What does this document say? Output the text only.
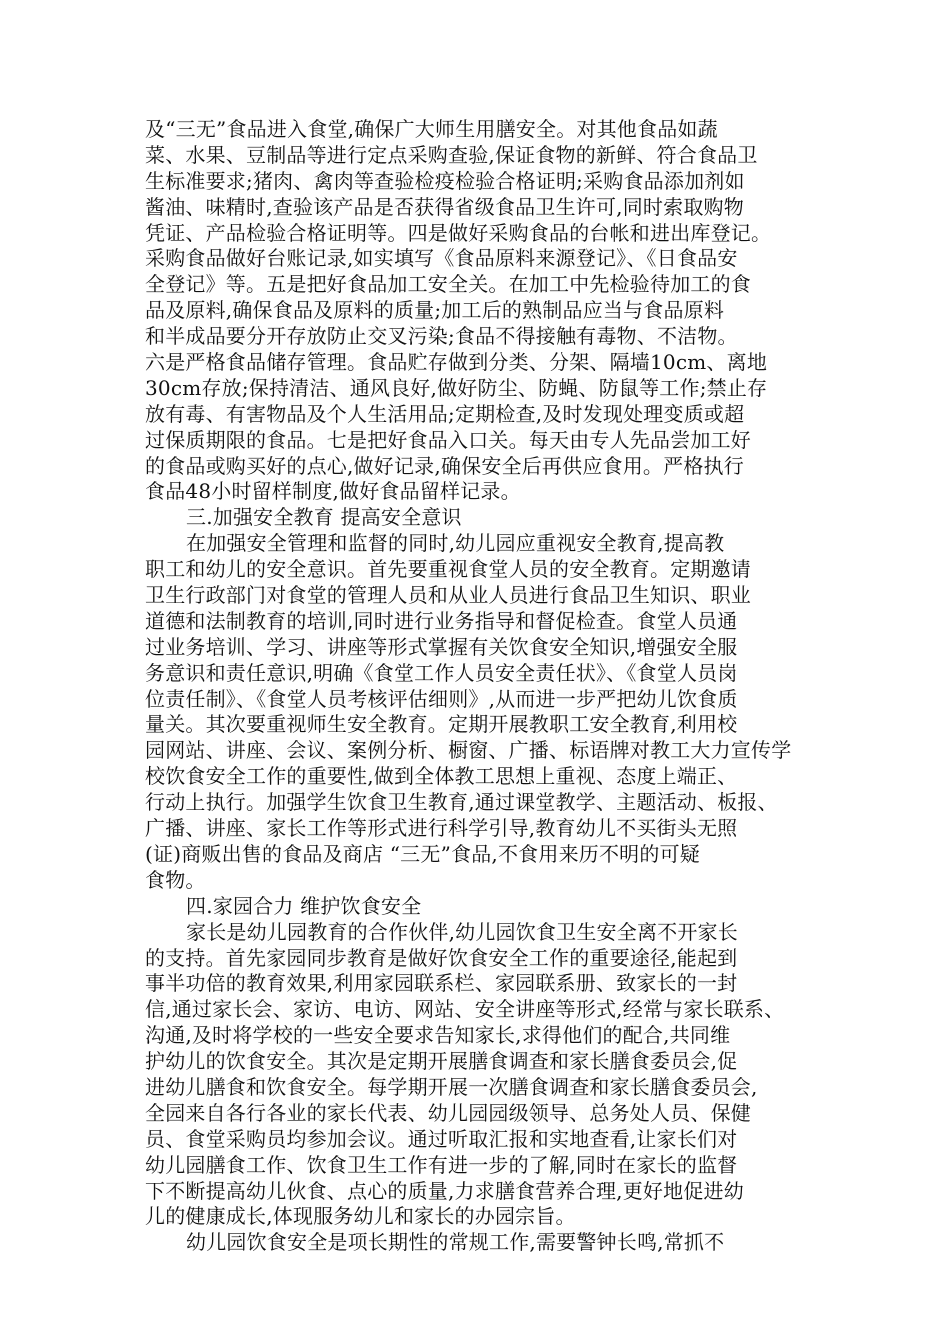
及“三无”食品进入食堂,确保广大师生用膳安全。对其他食品如蔬
菜、水果、豆制品等进行定点采购查验,保证食物的新鲜、符合食品卫
生标准要求;猪肉、禽肉等查验检疫检验合格证明;采购食品添加剂如
酱油、味精时,查验该产品是否获得省级食品卫生许可,同时索取购物
凭证、产品检验合格证明等。四是做好采购食品的台帐和进出库登记。
采购食品做好台账记录,如实填写《食品原料来源登记》、《日食品安
全登记》等。五是把好食品加工安全关。在加工中先检验待加工的食
品及原料,确保食品及原料的质量;加工后的熟制品应当与食品原料
和半成品要分开存放防止交叉污染;食品不得接触有毒物、不洁物。
六是严格食品储存管理。食品贮存做到分类、分架、隔墙10cm、离地
30cm存放;保持清洁、通风良好,做好防尘、防蝇、防鼠等工作;禁止存
放有毒、有害物品及个人生活用品;定期检查,及时发现处理变质或超
过保质期限的食品。七是把好食品入口关。每天由专人先品尝加工好
的食品或购买好的点心,做好记录,确保安全后再供应食用。严格执行
食品48小时留样制度,做好食品留样记录。
三.加强安全教育 提高安全意识
在加强安全管理和监督的同时,幼儿园应重视安全教育,提高教
职工和幼儿的安全意识。首先要重视食堂人员的安全教育。定期邀请
卫生行政部门对食堂的管理人员和从业人员进行食品卫生知识、职业
道德和法制教育的培训,同时进行业务指导和督促检查。食堂人员通
过业务培训、学习、讲座等形式掌握有关饮食安全知识,增强安全服
务意识和责任意识,明确《食堂工作人员安全责任状》、《食堂人员岗
位责任制》、《食堂人员考核评估细则》,从而进一步严把幼儿饮食质
量关。其次要重视师生安全教育。定期开展教职工安全教育,利用校
园网站、讲座、会议、案例分析、橱窗、广播、标语牌对教工大力宣传学
校饮食安全工作的重要性,做到全体教工思想上重视、态度上端正、
行动上执行。加强学生饮食卫生教育,通过课堂教学、主题活动、板报、
广播、讲座、家长工作等形式进行科学引导,教育幼儿不买街头无照
(证)商贩出售的食品及商店 “三无”食品,不食用来历不明的可疑
食物。
四.家园合力 维护饮食安全
家长是幼儿园教育的合作伙伴,幼儿园饮食卫生安全离不开家长
的支持。首先家园同步教育是做好饮食安全工作的重要途径,能起到
事半功倍的教育效果,利用家园联系栏、家园联系册、致家长的一封
信,通过家长会、家访、电访、网站、安全讲座等形式,经常与家长联系、
沟通,及时将学校的一些安全要求告知家长,求得他们的配合,共同维
护幼儿的饮食安全。其次是定期开展膳食调查和家长膳食委员会,促
进幼儿膳食和饮食安全。每学期开展一次膳食调查和家长膳食委员会,
全园来自各行各业的家长代表、幼儿园园级领导、总务处人员、保健
员、食堂采购员均参加会议。通过听取汇报和实地查看,让家长们对
幼儿园膳食工作、饮食卫生工作有进一步的了解,同时在家长的监督
下不断提高幼儿伙食、点心的质量,力求膳食营养合理,更好地促进幼
儿的健康成长,体现服务幼儿和家长的办园宗旨。
幼儿园饮食安全是项长期性的常规工作,需要警钟长鸣,常抓不
